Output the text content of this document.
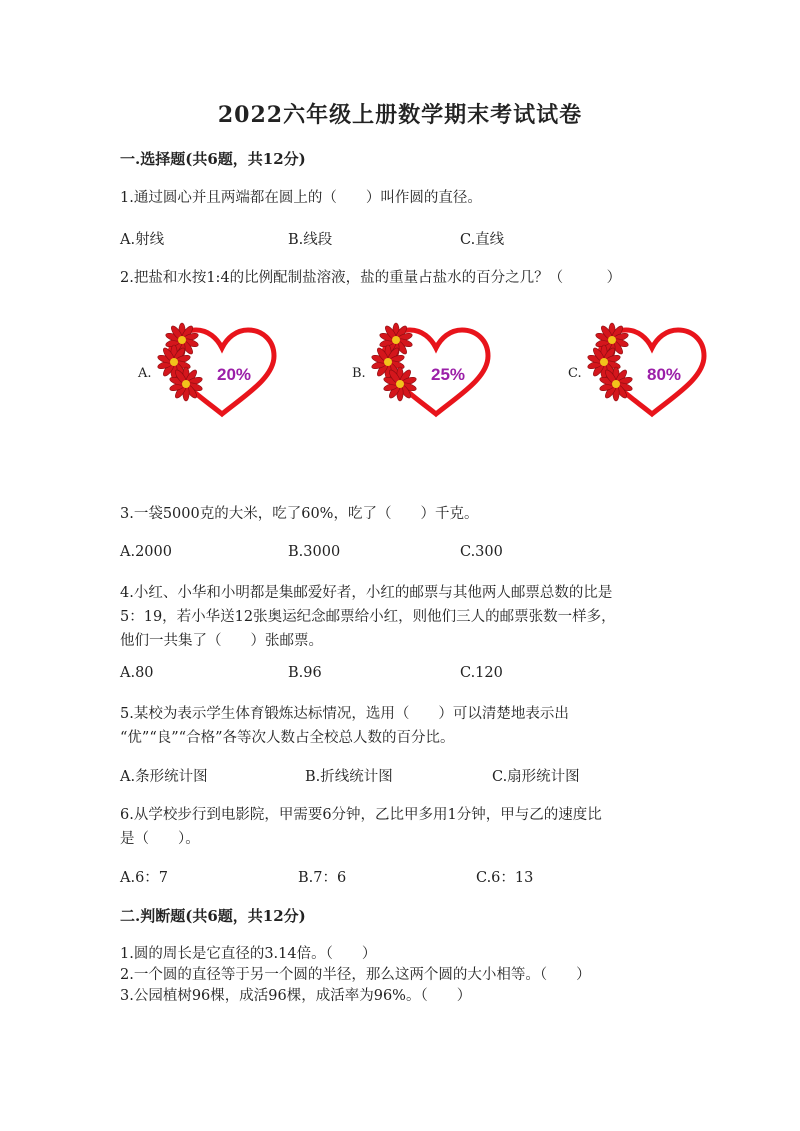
2022六年级上册数学期末考试试卷
一.选择题(共6题，共12分)
1.通过圆心并且两端都在圆上的（　　）叫作圆的直径。
A.射线	B.线段	C.直线
2.把盐和水按1:4的比例配制盐溶液，盐的重量占盐水的百分之几？（　　　）
A.	20%	B.	25%	C.	80%
3.一袋5000克的大米，吃了60%，吃了（　　）千克。
A.2000	B.3000	C.300
4.小红、小华和小明都是集邮爱好者，小红的邮票与其他两人邮票总数的比是
5：19，若小华送12张奥运纪念邮票给小红，则他们三人的邮票张数一样多，
他们一共集了（　　）张邮票。
A.80	B.96	C.120
5.某校为表示学生体育锻炼达标情况，选用（　　）可以清楚地表示出
“优”“良”“合格”各等次人数占全校总人数的百分比。
A.条形统计图	B.折线统计图	C.扇形统计图
6.从学校步行到电影院，甲需要6分钟，乙比甲多用1分钟，甲与乙的速度比
是（　　）。
A.6：7	B.7：6	C.6：13
二.判断题(共6题，共12分)
1.圆的周长是它直径的3.14倍。（　　）
2.一个圆的直径等于另一个圆的半径，那么这两个圆的大小相等。（　　）
3.公园植树96棵，成活96棵，成活率为96%。（　　）
